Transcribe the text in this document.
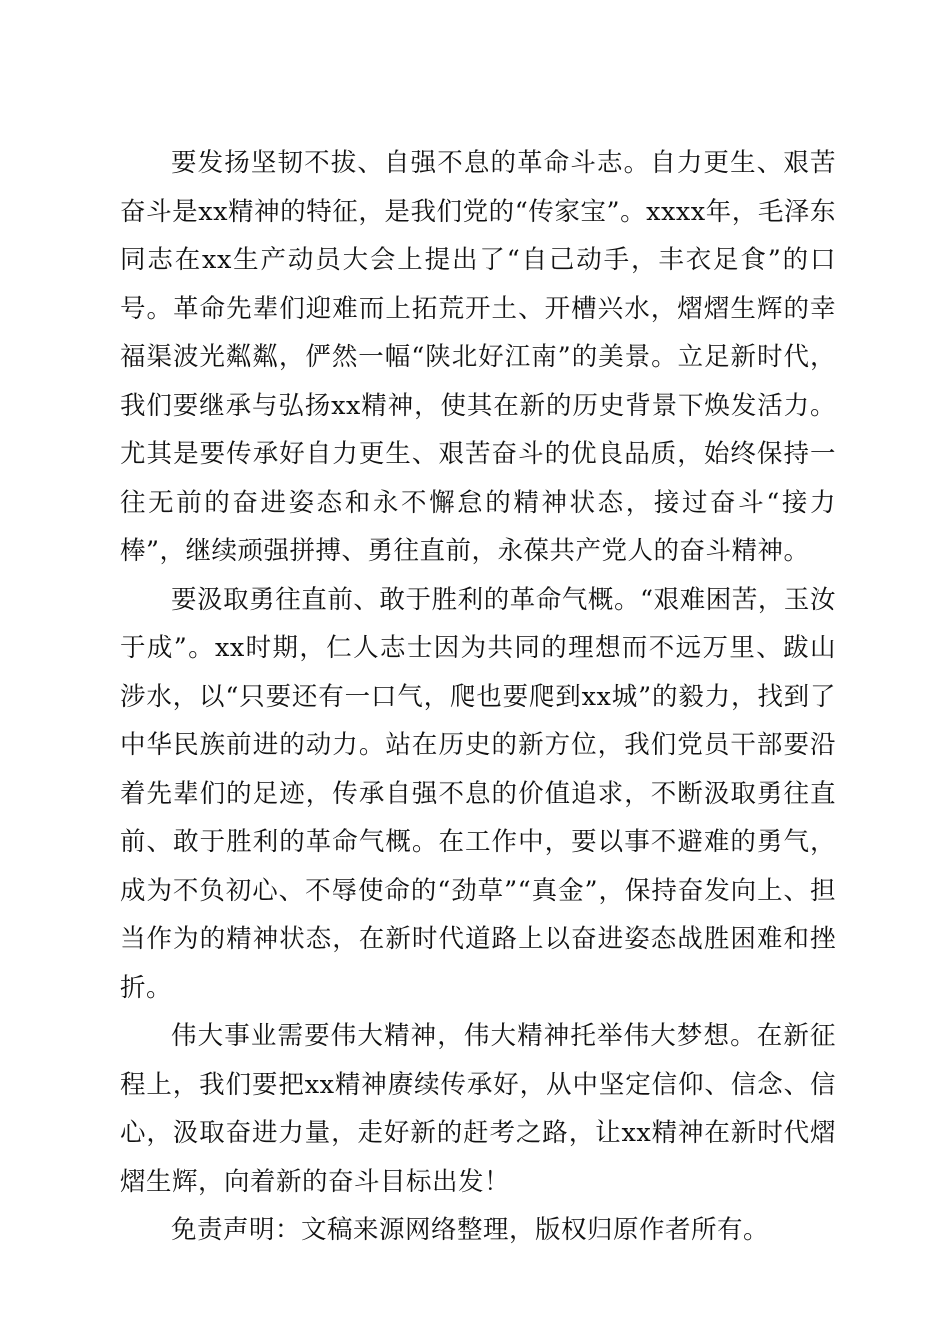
要发扬坚韧不拔、自强不息的革命斗志。自力更生、艰苦奋斗是xx精神的特征，是我们党的“传家宝”。xxxx年，毛泽东同志在xx生产动员大会上提出了“自己动手，丰衣足食”的口号。革命先辈们迎难而上拓荒开土、开槽兴水，熠熠生辉的幸福渠波光粼粼，俨然一幅“陕北好江南”的美景。立足新时代，我们要继承与弘扬xx精神，使其在新的历史背景下焕发活力。尤其是要传承好自力更生、艰苦奋斗的优良品质，始终保持一往无前的奋进姿态和永不懈怠的精神状态，接过奋斗“接力棒”，继续顽强拼搏、勇往直前，永葆共产党人的奋斗精神。

要汲取勇往直前、敢于胜利的革命气概。“艰难困苦，玉汝于成”。xx时期，仁人志士因为共同的理想而不远万里、跋山涉水，以“只要还有一口气，爬也要爬到xx城”的毅力，找到了中华民族前进的动力。站在历史的新方位，我们党员干部要沿着先辈们的足迹，传承自强不息的价值追求，不断汲取勇往直前、敢于胜利的革命气概。在工作中，要以事不避难的勇气，成为不负初心、不辱使命的“劲草”“真金”，保持奋发向上、担当作为的精神状态，在新时代道路上以奋进姿态战胜困难和挫折。

伟大事业需要伟大精神，伟大精神托举伟大梦想。在新征程上，我们要把xx精神赓续传承好，从中坚定信仰、信念、信心，汲取奋进力量，走好新的赶考之路，让xx精神在新时代熠熠生辉，向着新的奋斗目标出发！

免责声明：文稿来源网络整理，版权归原作者所有。
